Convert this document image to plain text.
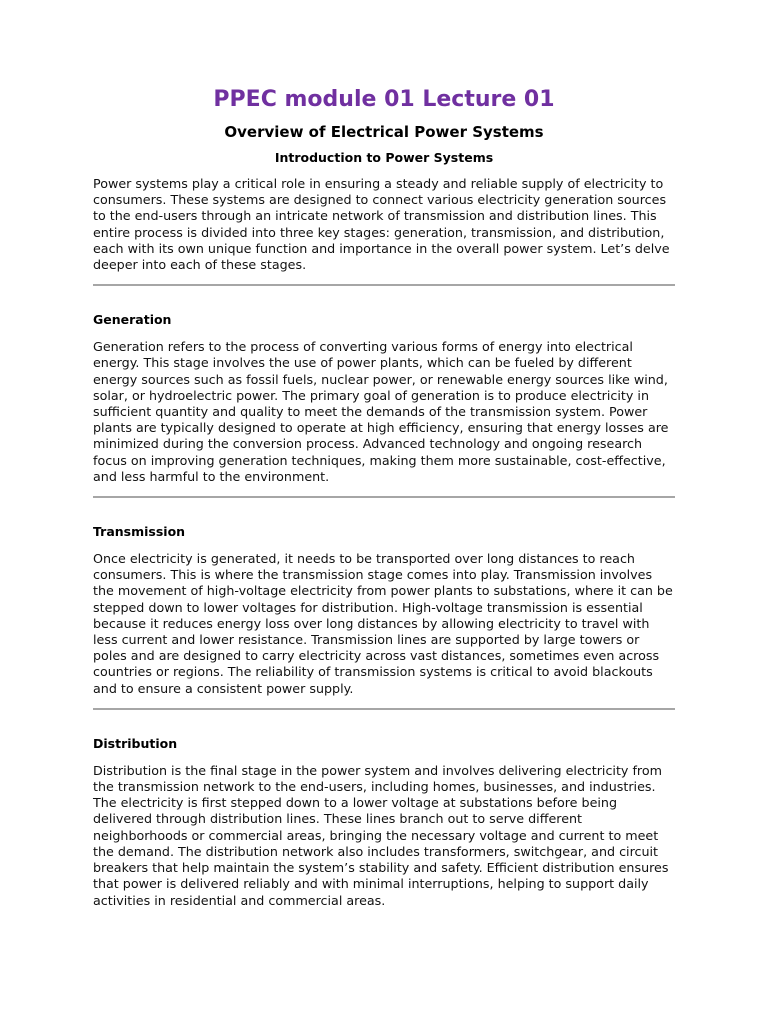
PPEC module 01 Lecture 01
Overview of Electrical Power Systems
Introduction to Power Systems

Power systems play a critical role in ensuring a steady and reliable supply of electricity to consumers. These systems are designed to connect various electricity generation sources to the end-users through an intricate network of transmission and distribution lines. This entire process is divided into three key stages: generation, transmission, and distribution, each with its own unique function and importance in the overall power system. Let’s delve deeper into each of these stages.

Generation

Generation refers to the process of converting various forms of energy into electrical energy. This stage involves the use of power plants, which can be fueled by different energy sources such as fossil fuels, nuclear power, or renewable energy sources like wind, solar, or hydroelectric power. The primary goal of generation is to produce electricity in sufficient quantity and quality to meet the demands of the transmission system. Power plants are typically designed to operate at high efficiency, ensuring that energy losses are minimized during the conversion process. Advanced technology and ongoing research focus on improving generation techniques, making them more sustainable, cost-effective, and less harmful to the environment.

Transmission

Once electricity is generated, it needs to be transported over long distances to reach consumers. This is where the transmission stage comes into play. Transmission involves the movement of high-voltage electricity from power plants to substations, where it can be stepped down to lower voltages for distribution. High-voltage transmission is essential because it reduces energy loss over long distances by allowing electricity to travel with less current and lower resistance. Transmission lines are supported by large towers or poles and are designed to carry electricity across vast distances, sometimes even across countries or regions. The reliability of transmission systems is critical to avoid blackouts and to ensure a consistent power supply.

Distribution

Distribution is the final stage in the power system and involves delivering electricity from the transmission network to the end-users, including homes, businesses, and industries. The electricity is first stepped down to a lower voltage at substations before being delivered through distribution lines. These lines branch out to serve different neighborhoods or commercial areas, bringing the necessary voltage and current to meet the demand. The distribution network also includes transformers, switchgear, and circuit breakers that help maintain the system’s stability and safety. Efficient distribution ensures that power is delivered reliably and with minimal interruptions, helping to support daily activities in residential and commercial areas.
